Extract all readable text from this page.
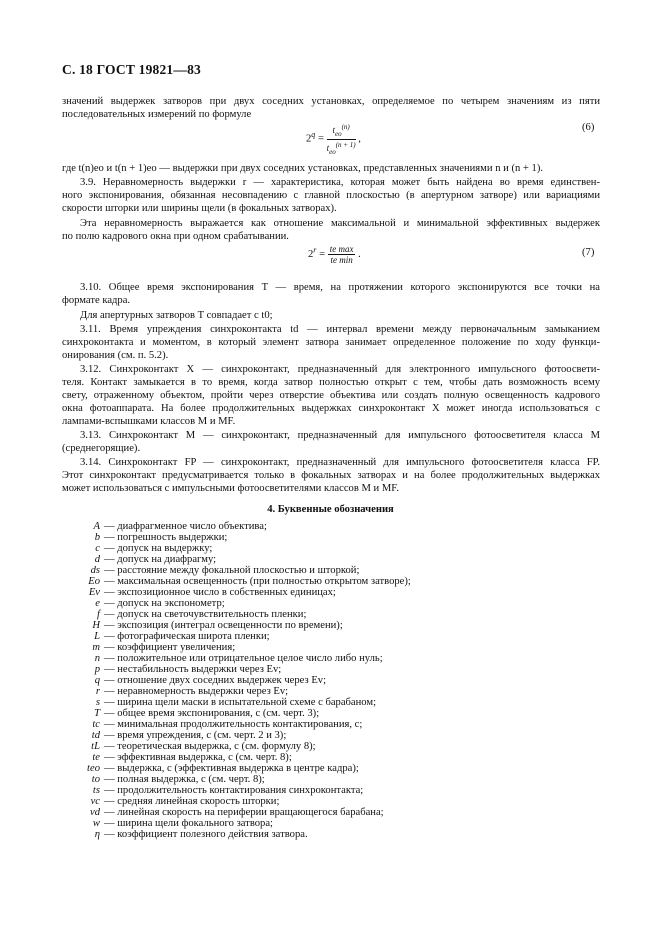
С. 18 ГОСТ 19821—83
значений выдержек затворов при двух соседних установках, определяемое по четырем значениям из пяти
последовательных измерений по формуле
$2^q = \frac{t_{eo}^{(n)}}{t_{eo}^{(n + 1)}}$ ,
(6)
где t(n)eo и t(n + 1)eo — выдержки при двух соседних установках, представленных значениями n и (n + 1).
3.9. Неравномерность выдержки r — характеристика, которая может быть найдена во время единствен-
ного экспонирования, обязанная несовпадению с главной плоскостью (в апертурном затворе) или вариациями
скорости шторки или ширины щели (в фокальных затворах).
Эта неравномерность выражается как отношение максимальной и минимальной эффективных выдержек
по полю кадрового окна при одном срабатывании.
$2^r = \frac{\text{te max}}{\text{te min}}$ .	(7)
3.10. Общее время экспонирования T — время, на протяжении которого экспонируются все точки на
формате кадра.
Для апертурных затворов T совпадает с t0;
3.11. Время упреждения синхроконтакта td — интервал времени между первоначальным замыканием
синхроконтакта и моментом, в который элемент затвора занимает определенное положение по ходу функци-
онирования (см. п. 5.2).
3.12. Синхроконтакт X — синхроконтакт, предназначенный для электронного импульсного фотоосвети-
теля. Контакт замыкается в то время, когда затвор полностью открыт с тем, чтобы дать возможность всему
свету, отраженному объектом, пройти через отверстие объектива или создать полную освещенность кадрового
окна фотоаппарата. На более продолжительных выдержках синхроконтакт X может иногда использоваться с
лампами-вспышками классов M и MF.
3.13. Синхроконтакт M — синхроконтакт, предназначенный для импульсного фотоосветителя класса M
(среднегорящие).
3.14. Синхроконтакт FP — синхроконтакт, предназначенный для импульсного фотоосветителя класса FP.
Этот синхроконтакт предусматривается только в фокальных затворах и на более продолжительных выдержках
может использоваться с импульсными фотоосветителями классов M и MF.
4. Буквенные обозначения
A — диафрагменное число объектива;
b — погрешность выдержки;
c — допуск на выдержку;
d — допуск на диафрагму;
ds — расстояние между фокальной плоскостью и шторкой;
Eo — максимальная освещенность (при полностью открытом затворе);
Ev — экспозиционное число в собственных единицах;
e — допуск на экспонометр;
f — допуск на светочувствительность пленки;
H — экспозиция (интеграл освещенности по времени);
L — фотографическая широта пленки;
m — коэффициент увеличения;
n — положительное или отрицательное целое число либо нуль;
p — нестабильность выдержки через Ev;
q — отношение двух соседних выдержек через Ev;
r — неравномерность выдержки через Ev;
s — ширина щели маски в испытательной схеме с барабаном;
T — общее время экспонирования, с (см. черт. 3);
tc — минимальная продолжительность контактирования, с;
td — время упреждения, с (см. черт. 2 и 3);
tL — теоретическая выдержка, с (см. формулу 8);
te — эффективная выдержка, с (см. черт. 8);
teo — выдержка, с (эффективная выдержка в центре кадра);
to — полная выдержка, с (см. черт. 8);
ts — продолжительность контактирования синхроконтакта;
vc — средняя линейная скорость шторки;
vd — линейная скорость на периферии вращающегося барабана;
w — ширина щели фокального затвора;
η — коэффициент полезного действия затвора.
